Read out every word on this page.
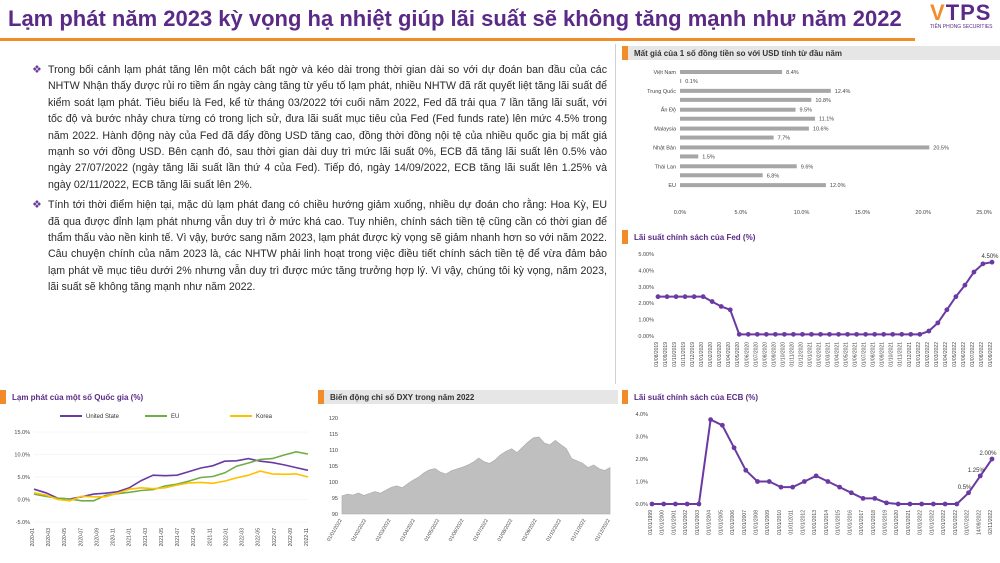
Lạm phát năm 2023 kỳ vọng hạ nhiệt giúp lãi suất sẽ không tăng mạnh như năm 2022 VTPS
TIÊN PHONG SECURITIES
❖ Trong bối cảnh lạm phát tăng lên một cách bất ngờ và kéo dài trong thời gian dài so với dự đoán ban đầu của các NHTW Nhận thấy được rủi ro tiềm ẩn ngày càng tăng từ yếu tố lạm phát, nhiều NHTW đã rất quyết liệt tăng lãi suất để kiểm soát lạm phát. Tiêu biểu là Fed, kể từ tháng 03/2022 tới cuối năm 2022, Fed đã trải qua 7 lần tăng lãi suất, với tốc độ và bước nhảy chưa từng có trong lịch sử, đưa lãi suất mục tiêu của Fed (Fed funds rate) lên mức 4.5% trong năm 2022. Hành động này của Fed đã đẩy đồng USD tăng cao, đồng thời đồng nội tệ của nhiều quốc gia bị mất giá mạnh so với đồng USD. Bên cạnh đó, sau thời gian dài duy trì mức lãi suất 0%, ECB đã tăng lãi suất lên 0.5% vào ngày 27/07/2022 (ngày tăng lãi suất lần thứ 4 của Fed). Tiếp đó, ngày 14/09/2022, ECB tăng lãi suất lên 1.25% và ngày 02/11/2022, ECB tăng lãi suất lên 2%.
❖ Tính tới thời điểm hiện tại, mặc dù lạm phát đang có chiều hướng giảm xuống, nhiều dự đoán cho rằng: Hoa Kỳ, EU đã qua được đỉnh lạm phát nhưng vẫn duy trì ở mức khá cao. Tuy nhiên, chính sách tiền tệ cũng cần có thời gian để thẩm thấu vào nền kinh tế. Vì vậy, bước sang năm 2023, lạm phát được kỳ vọng sẽ giảm nhanh hơn so với năm 2022. Câu chuyện chính của năm 2023 là, các NHTW phải linh hoạt trong việc điều tiết chính sách tiền tệ để vừa đảm bảo lạm phát về mục tiêu dưới 2% nhưng vẫn duy trì được mức tăng trưởng hợp lý. Vì vậy, chúng tôi kỳ vọng, năm 2023, lãi suất sẽ không tăng mạnh như năm 2022.
Mất giá của 1 số đồng tiền so với USD tính từ đầu năm
Việt Nam	8.4%
0.1%
Trung Quốc	12.4%
10.8%
Ấn Độ	9.5%
11.1%
Malaysia	10.6%
7.7%
Nhật Bản	20.5%
1.5%
Thái Lan	9.6%
6.8%
EU	12.0%
0.0%	5.0%	10.0%	15.0%	20.0%	25.0%
Lãi suất chính sách của Fed (%)
0.00%
1.00%
2.00%
3.00%
4.00%
5.00%
01/08/2019 01/09/2019 01/10/2019 01/11/2019 01/12/2019 01/01/2020 01/02/2020 01/03/2020 01/04/2020 01/05/2020 01/06/2020 01/07/2020 01/08/2020 01/09/2020 01/10/2020 01/11/2020 01/12/2020 01/01/2021 01/02/2021 01/03/2021 01/04/2021 01/05/2021 01/06/2021 01/07/2021 01/08/2021 01/09/2021 01/10/2021 01/11/2021 01/12/2021 01/01/2022 01/02/2022 01/03/2022 01/04/2022 01/05/2022 01/06/2022 01/07/2022 01/08/2022 01/09/2022
4.50%
Lãi suất chính sách của ECB (%)
0.0%
1.0%
2.0%
3.0%
4.0%
01/01/1999 01/01/2000 01/01/2001 01/01/2002 01/01/2003 01/01/2004 01/01/2005 01/01/2006 01/01/2007 01/01/2008 01/01/2009 01/01/2010 01/01/2011 01/01/2012 01/01/2013 01/01/2014 01/01/2015 01/01/2016 01/01/2017 01/01/2018 01/01/2019 01/01/2020 01/01/2021 01/01/2022 01/01/2022 01/01/2022 01/01/2022 01/07/2022 14/09/2022 02/11/2022
0.5%
1.25%
2.00%
Lạm phát của một số Quốc gia (%)
-5.0%
0.0%
5.0%
10.0%
15.0%
United State	EU	Korea
2020-01 2020-03 2020-05 2020-07 2020-09 2020-11 2021-01 2021-03 2021-05 2021-07 2021-09 2021-11 2022-01 2022-03 2022-05 2022-07 2022-09 2022-11
Biến động chỉ số DXY trong năm 2022
90
95
100
105
110
115
120
01/01/2022 01/02/2022 01/03/2022 01/04/2022 01/05/2022 01/06/2022 01/07/2022 01/08/2022 01/09/2022 01/10/2022 01/11/2022 01/12/2022
